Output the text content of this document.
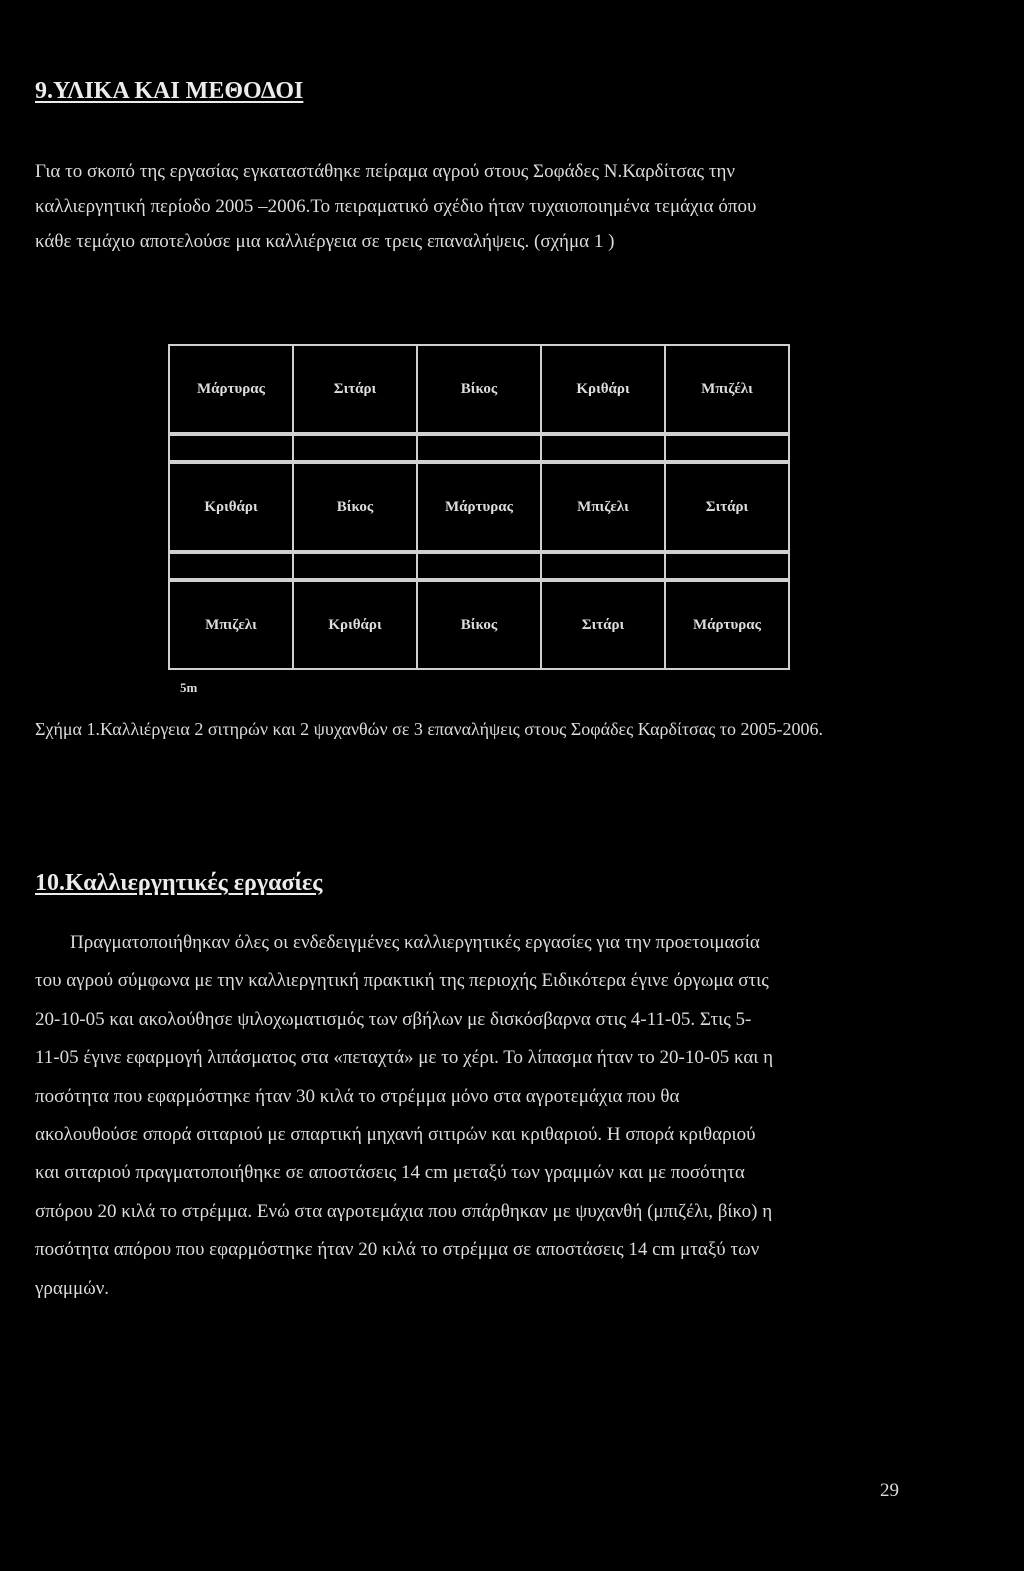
9.ΥΛΙΚΑ ΚΑΙ ΜΕΘΟΔΟΙ

Για το σκοπό της εργασίας εγκαταστάθηκε πείραμα αγρού στους Σοφάδες Ν.Καρδίτσας την
καλλιεργητική περίοδο 2005 –2006.Το πειραματικό σχέδιο ήταν τυχαιοποιημένα τεμάχια όπου
κάθε τεμάχιο αποτελούσε μια καλλιέργεια σε τρεις επαναλήψεις. (σχήμα 1 )

Μάρτυρας	Σιτάρι	Βίκος	Κριθάρι	Μπιζέλι
Κριθάρι	Βίκος	Μάρτυρας	Μπιζελι	Σιτάρι
Μπιζελι	Κριθάρι	Βίκος	Σιτάρι	Μάρτυρας
5m

Σχήμα 1.Καλλιέργεια 2 σιτηρών και 2 ψυχανθών σε 3 επαναλήψεις στους Σοφάδες Καρδίτσας το 2005-2006.

10.Καλλιεργητικές εργασίες

Πραγματοποιήθηκαν όλες οι ενδεδειγμένες καλλιεργητικές εργασίες για την προετοιμασία
του αγρού σύμφωνα με την καλλιεργητική πρακτική της περιοχής Ειδικότερα έγινε όργωμα στις
20-10-05 και ακολούθησε ψιλοχωματισμός των σβήλων με δισκόσβαρνα στις 4-11-05. Στις 5-
11-05 έγινε εφαρμογή λιπάσματος στα «πεταχτά» με το χέρι. Το λίπασμα ήταν το 20-10-05 και η
ποσότητα που εφαρμόστηκε ήταν 30 κιλά το στρέμμα μόνο στα αγροτεμάχια που θα
ακολουθούσε σπορά σιταριού με σπαρτική μηχανή σιτιρών και κριθαριού. Η σπορά κριθαριού
και σιταριού πραγματοποιήθηκε σε αποστάσεις 14 cm μεταξύ των γραμμών και με ποσότητα
σπόρου 20 κιλά το στρέμμα. Ενώ στα αγροτεμάχια που σπάρθηκαν με ψυχανθή (μπιζέλι, βίκο) η
ποσότητα απόρου που εφαρμόστηκε ήταν 20 κιλά το στρέμμα σε αποστάσεις 14 cm μταξύ των
γραμμών.

29
